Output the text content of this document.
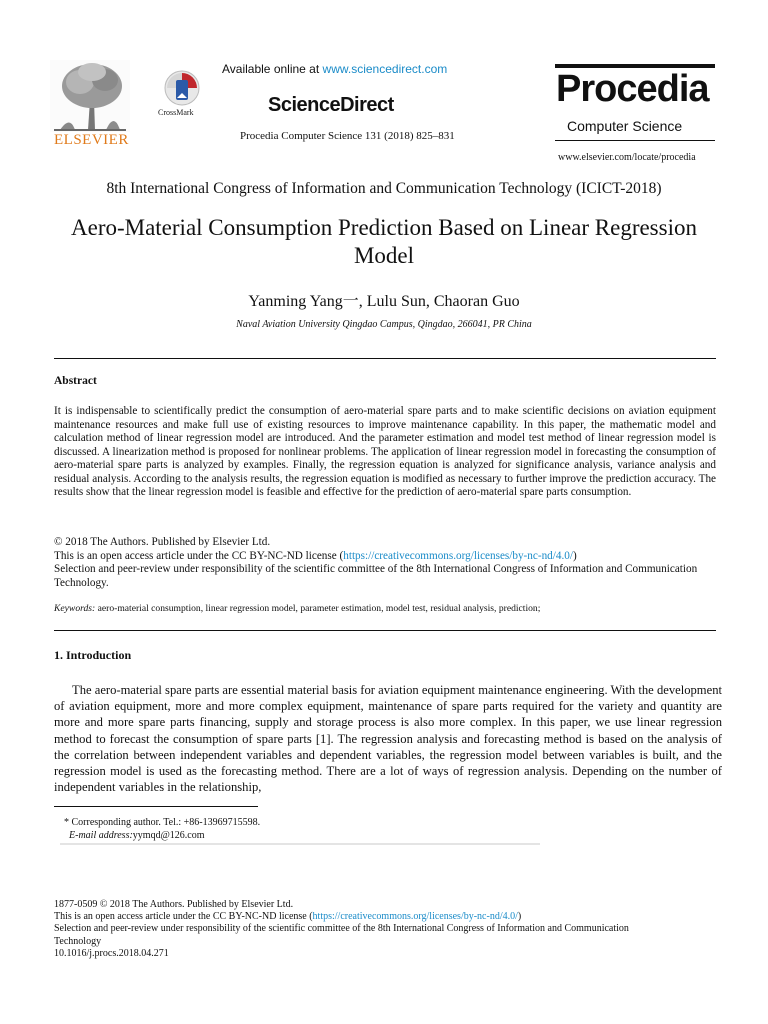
ELSEVIER
CrossMark
Available online at www.sciencedirect.com
ScienceDirect
Procedia Computer Science 131 (2018) 825–831
Procedia
Computer Science
www.elsevier.com/locate/procedia
8th International Congress of Information and Communication Technology (ICICT-2018)
Aero-Material Consumption Prediction Based on Linear Regression Model
Yanming Yang一, Lulu Sun, Chaoran Guo
Naval Aviation University Qingdao Campus, Qingdao, 266041, PR China
Abstract
It is indispensable to scientifically predict the consumption of aero-material spare parts and to make scientific decisions on aviation equipment maintenance resources and make full use of existing resources to improve maintenance capability. In this paper, the mathematic model and calculation method of linear regression model are introduced. And the parameter estimation and model test method of linear regression model is discussed. A linearization method is proposed for nonlinear problems. The application of linear regression model in forecasting the consumption of aero-material spare parts is analyzed by examples. Finally, the regression equation is analyzed for significance analysis, variance analysis and residual analysis. According to the analysis results, the regression equation is modified as necessary to further improve the prediction accuracy. The results show that the linear regression model is feasible and effective for the prediction of aero-material spare parts consumption.
© 2018 The Authors. Published by Elsevier Ltd.
This is an open access article under the CC BY-NC-ND license (https://creativecommons.org/licenses/by-nc-nd/4.0/)
Selection and peer-review under responsibility of the scientific committee of the 8th International Congress of Information and Communication Technology.
Keywords: aero-material consumption, linear regression model, parameter estimation, model test, residual analysis, prediction;
1. Introduction
The aero-material spare parts are essential material basis for aviation equipment maintenance engineering. With the development of aviation equipment, more and more complex equipment, maintenance of spare parts required for the variety and quantity are more and more spare parts financing, supply and storage process is also more complex. In this paper, we use linear regression method to forecast the consumption of spare parts [1]. The regression analysis and forecasting method is based on the analysis of the correlation between independent variables and dependent variables, the regression model between variables is built, and the regression model is used as the forecasting method. There are a lot of ways of regression analysis. Depending on the number of independent variables in the relationship,
* Corresponding author. Tel.: +86-13969715598.
E-mail address:yymqd@126.com
1877-0509 © 2018 The Authors. Published by Elsevier Ltd.
This is an open access article under the CC BY-NC-ND license (https://creativecommons.org/licenses/by-nc-nd/4.0/)
Selection and peer-review under responsibility of the scientific committee of the 8th International Congress of Information and Communication Technology
10.1016/j.procs.2018.04.271
